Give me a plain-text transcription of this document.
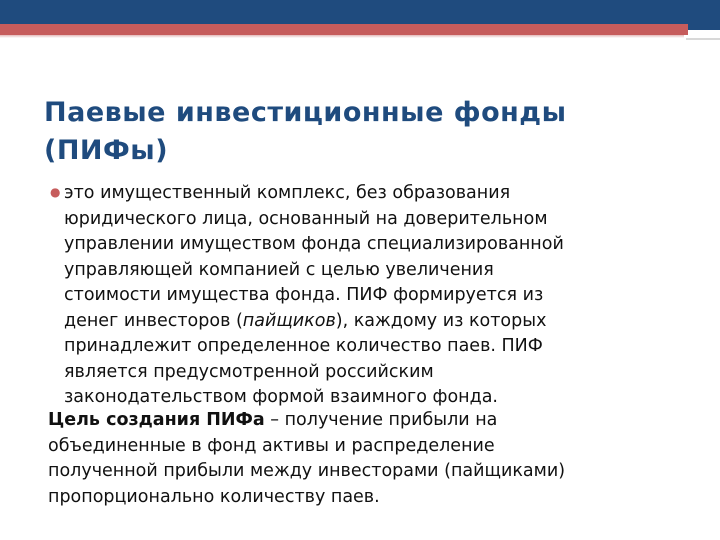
Паевые инвестиционные фонды
(ПИФы)
● это имущественный комплекс, без образования
юридического лица, основанный на доверительном
управлении имуществом фонда специализированной
управляющей компанией с целью увеличения
стоимости имущества фонда. ПИФ формируется из
денег инвесторов (пайщиков), каждому из которых
принадлежит определенное количество паев. ПИФ
является предусмотренной российским
законодательством формой взаимного фонда.

Цель создания ПИФа – получение прибыли на
объединенные в фонд активы и распределение
полученной прибыли между инвесторами (пайщиками)
пропорционально количеству паев.
